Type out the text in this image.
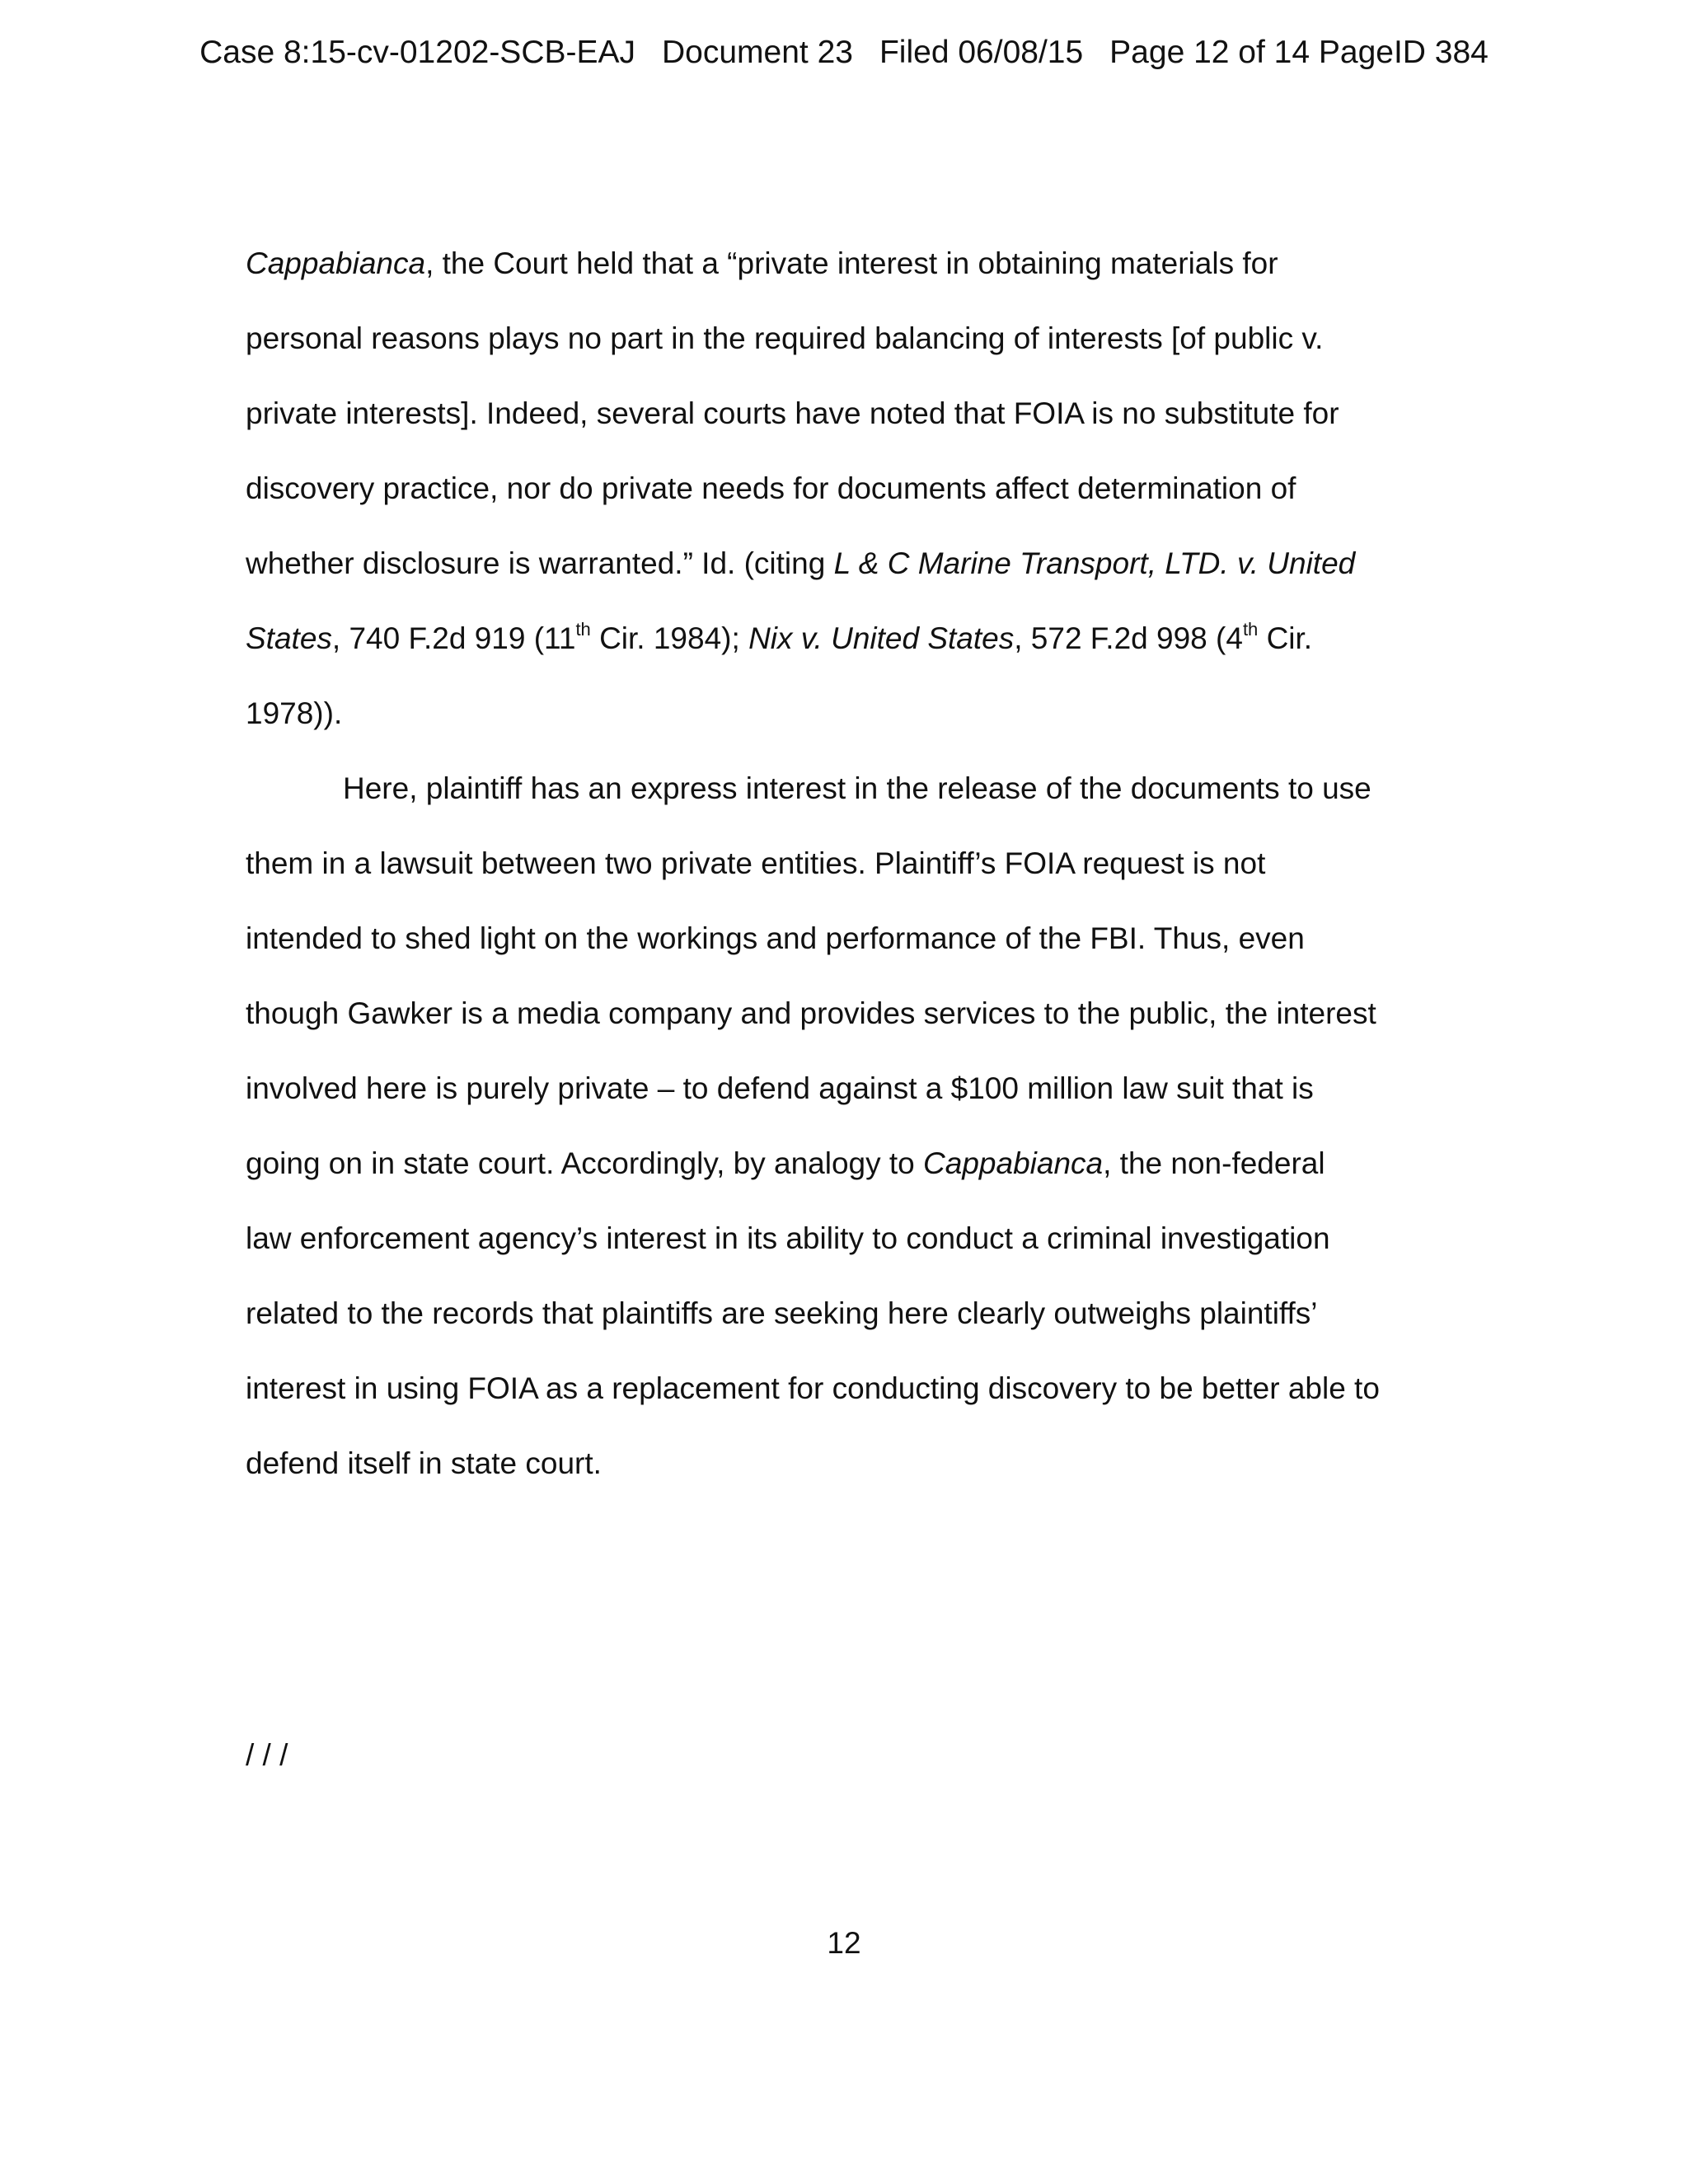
Case 8:15-cv-01202-SCB-EAJ Document 23 Filed 06/08/15 Page 12 of 14 PageID 384
Cappabianca, the Court held that a “private interest in obtaining materials for
personal reasons plays no part in the required balancing of interests [of public v.
private interests]. Indeed, several courts have noted that FOIA is no substitute for
discovery practice, nor do private needs for documents affect determination of
whether disclosure is warranted.” Id. (citing L & C Marine Transport, LTD. v. United
States, 740 F.2d 919 (11th Cir. 1984); Nix v. United States, 572 F.2d 998 (4th Cir.
1978)).
Here, plaintiff has an express interest in the release of the documents to use
them in a lawsuit between two private entities. Plaintiff’s FOIA request is not
intended to shed light on the workings and performance of the FBI. Thus, even
though Gawker is a media company and provides services to the public, the interest
involved here is purely private – to defend against a $100 million law suit that is
going on in state court. Accordingly, by analogy to Cappabianca, the non-federal
law enforcement agency’s interest in its ability to conduct a criminal investigation
related to the records that plaintiffs are seeking here clearly outweighs plaintiffs’
interest in using FOIA as a replacement for conducting discovery to be better able to
defend itself in state court.
/ / /
12
